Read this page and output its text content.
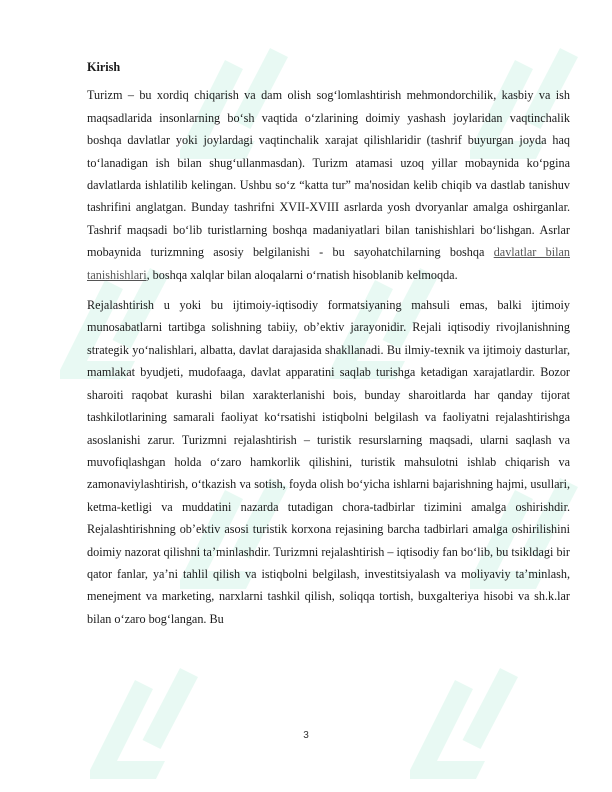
Kirish

Turizm – bu xordiq chiqarish va dam olish sog‘lomlashtirish mehmondorchilik, kasbiy va ish maqsadlarida insonlarning bo‘sh vaqtida o‘zlarining doimiy yashash joylaridan vaqtinchalik boshqa davlatlar yoki joylardagi vaqtinchalik xarajat qilishlaridir (tashrif buyurgan joyda haq to‘lanadigan ish bilan shug‘ullanmasdan). Turizm atamasi uzoq yillar mobaynida ko‘pgina davlatlarda ishlatilib kelingan. Ushbu so‘z “katta tur” ma'nosidan kelib chiqib va dastlab tanishuv tashrifini anglatgan. Bunday tashrifni XVII-XVIII asrlarda yosh dvoryanlar amalga oshirganlar. Tashrif maqsadi bo‘lib turistlarning boshqa madaniyatlari bilan tanishishlari bo‘lishgan. Asrlar mobaynida turizmning asosiy belgilanishi - bu sayohatchilarning boshqa davlatlar bilan tanishishlari, boshqa xalqlar bilan aloqalarni o‘rnatish hisoblanib kelmoqda.

Rejalashtirish u yoki bu ijtimoiy-iqtisodiy formatsiyaning mahsuli emas, balki ijtimoiy munosabatlarni tartibga solishning tabiiy, ob’ektiv jarayonidir. Rejali iqtisodiy rivojlanishning strategik yo‘nalishlari, albatta, davlat darajasida shakllanadi. Bu ilmiy-texnik va ijtimoiy dasturlar, mamlakat byudjeti, mudofaaga, davlat apparatini saqlab turishga ketadigan xarajatlardir. Bozor sharoiti raqobat kurashi bilan xarakterlanishi bois, bunday sharoitlarda har qanday tijorat tashkilotlarining samarali faoliyat ko‘rsatishi istiqbolni belgilash va faoliyatni rejalashtirishga asoslanishi zarur. Turizmni rejalashtirish – turistik resurslarning maqsadi, ularni saqlash va muvofiqlashgan holda o‘zaro hamkorlik qilishini, turistik mahsulotni ishlab chiqarish va zamonaviylashtirish, o‘tkazish va sotish, foyda olish bo‘yicha ishlarni bajarishning hajmi, usullari, ketma-ketligi va muddatini nazarda tutadigan chora-tadbirlar tizimini amalga oshirishdir. Rejalashtirishning ob’ektiv asosi turistik korxona rejasining barcha tadbirlari amalga oshirilishini doimiy nazorat qilishni ta’minlashdir. Turizmni rejalashtirish – iqtisodiy fan bo‘lib, bu tsikldagi bir qator fanlar, ya’ni tahlil qilish va istiqbolni belgilash, investitsiyalash va moliyaviy ta’minlash, menejment va marketing, narxlarni tashkil qilish, soliqqa tortish, buxgalteriya hisobi va sh.k.lar bilan o‘zaro bog‘langan. Bu

3
